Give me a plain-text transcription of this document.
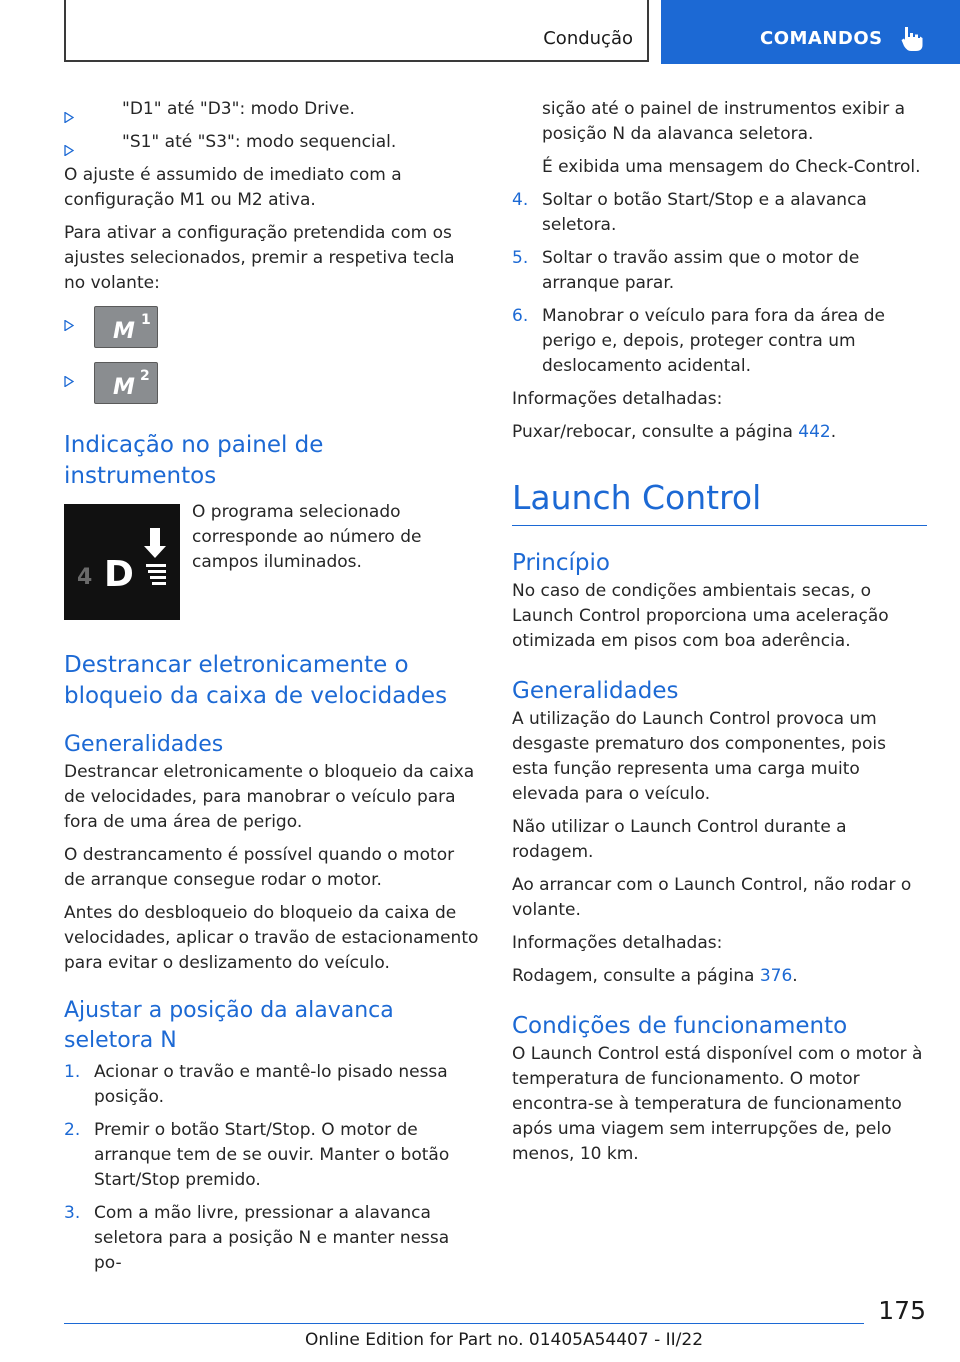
Condução	COMANDOS
"D1" até "D3": modo Drive.
"S1" até "S3": modo sequencial.

O ajuste é assumido de imediato com a configuração M1 ou M2 ativa.

Para ativar a configuração pretendida com os ajustes selecionados, premir a respetiva tecla no volante:

M 1
M 2
Indicação no painel de instrumentos
4 D
O programa selecionado corresponde ao número de campos iluminados.
Destrancar eletronicamente o bloqueio da caixa de velocidades
Generalidades

Destrancar eletronicamente o bloqueio da caixa de velocidades, para manobrar o veículo para fora de uma área de perigo.

O destrancamento é possível quando o motor de arranque consegue rodar o motor.

Antes do desbloqueio do bloqueio da caixa de velocidades, aplicar o travão de estacionamento para evitar o deslizamento do veículo.

Ajustar a posição da alavanca seletora N
1. Acionar o travão e mantê-lo pisado nessa posição.
2. Premir o botão Start/Stop. O motor de arranque tem de se ouvir. Manter o botão Start/Stop premido.
3. Com a mão livre, pressionar a alavanca seletora para a posição N e manter nessa po-

sição até o painel de instrumentos exibir a posição N da alavanca seletora.

É exibida uma mensagem do Check-Control.

4. Soltar o botão Start/Stop e a alavanca seletora.
5. Soltar o travão assim que o motor de arranque parar.
6. Manobrar o veículo para fora da área de perigo e, depois, proteger contra um deslocamento acidental.

Informações detalhadas:

Puxar/rebocar, consulte a página 442.

Launch Control
Princípio

No caso de condições ambientais secas, o Launch Control proporciona uma aceleração otimizada em pisos com boa aderência.

Generalidades

A utilização do Launch Control provoca um desgaste prematuro dos componentes, pois esta função representa uma carga muito elevada para o veículo.

Não utilizar o Launch Control durante a rodagem.

Ao arrancar com o Launch Control, não rodar o volante.

Informações detalhadas:

Rodagem, consulte a página 376.

Condições de funcionamento

O Launch Control está disponível com o motor à temperatura de funcionamento. O motor encontra-se à temperatura de funcionamento após uma viagem sem interrupções de, pelo menos, 10 km.

175
Online Edition for Part no. 01405A54407 - II/22
